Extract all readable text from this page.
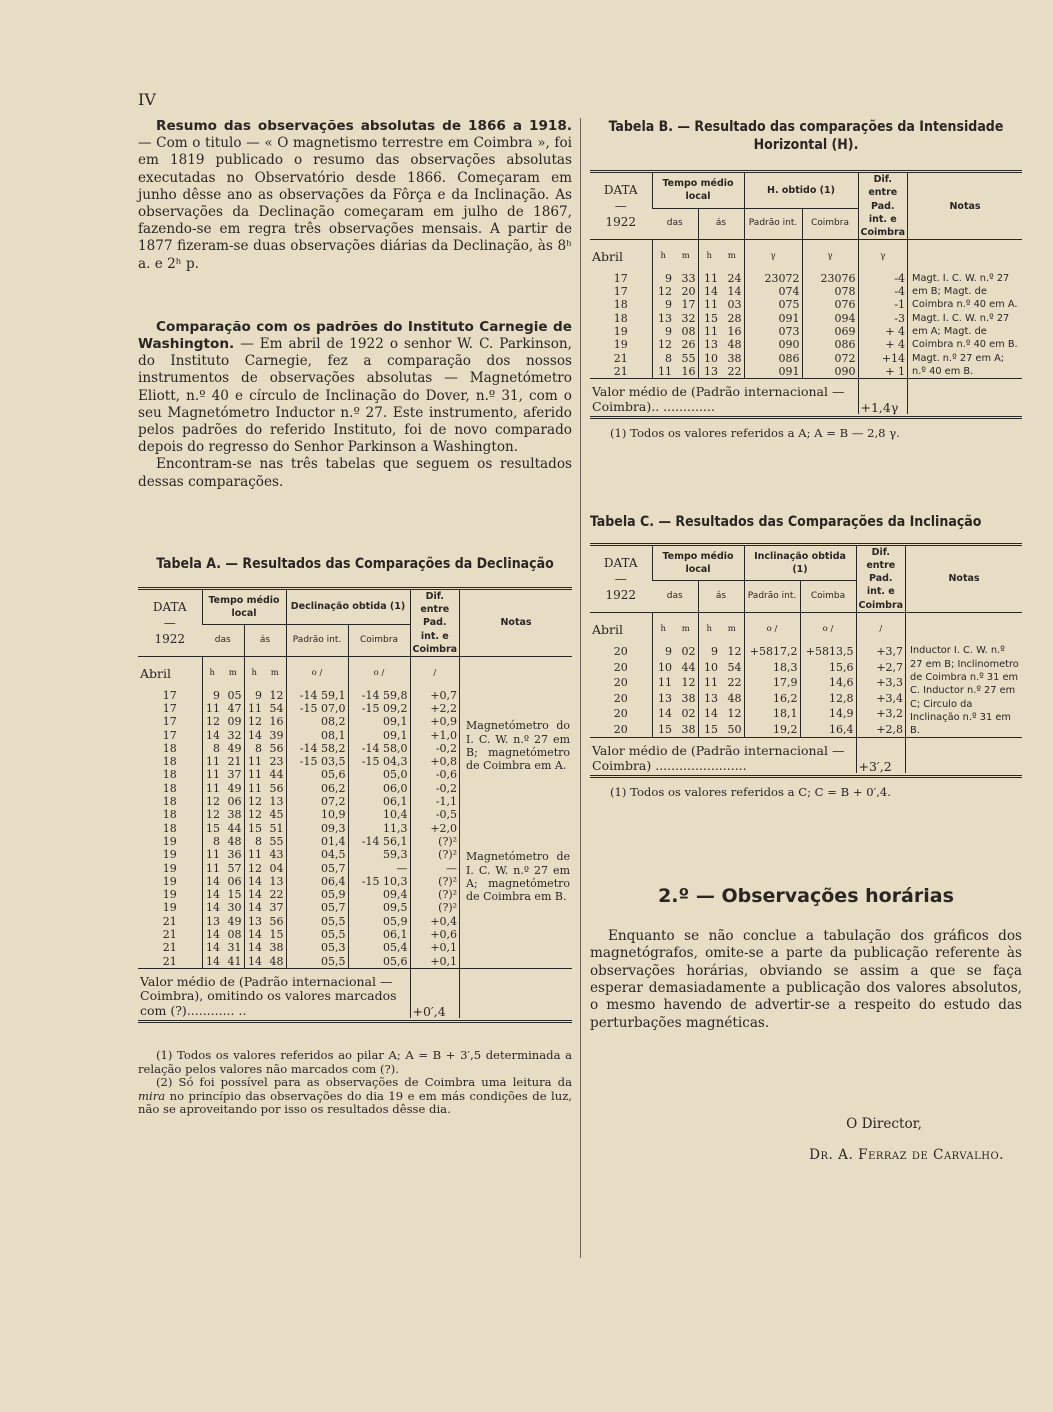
IV

Resumo das observações absolutas de 1866 a 1918. — Com o titulo — « O magnetismo terrestre em Coimbra », foi em 1819 publicado o resumo das observações absolutas executadas no Observatório desde 1866. Começaram em junho dêsse ano as observações da Fôrça e da Inclinação. As observações da Declinação começaram em julho de 1867, fazendo-se em regra três observações mensais. A partir de 1877 fizeram-se duas observações diárias da Declinação, às 8ʰ a. e 2ʰ p.

Comparação com os padrões do Instituto Carnegie de Washington. — Em abril de 1922 o senhor W. C. Parkinson, do Instituto Carnegie, fez a comparação dos nossos instrumentos de observações absolutas — Magnetómetro Eliott, n.º 40 e círculo de Inclinação do Dover, n.º 31, com o seu Magnetómetro Inductor n.º 27. Este instrumento, aferido pelos padrões do referido Instituto, foi de novo comparado depois do regresso do Senhor Parkinson a Washington.

Encontram-se nas três tabelas que seguem os resultados dessas comparações.

Tabela A. — Resultados das Comparações da Declinação
DATA
—
1922	Tempo médio local				Declinação obtida (1)		Dif. entre Pad. int. e Coimbra	Notas
	das		ás		Padrão int.	Coimbra		
Abril	h	m	h	m	o /	o /	/	

17	9	05	9	12	-14 59,1	-14 59,8	+0,7	
17	11	47	11	54	-15 07,0	-15 09,2	+2,2	
17	12	09	12	16	08,2	09,1	+0,9	Magnetómetro do I. C. W. n.º 27 em B; magnetómetro de Coimbra em A.
17	14	32	14	39	08,1	09,1	+1,0	
18	8	49	8	56	-14 58,2	-14 58,0	-0,2	
18	11	21	11	23	-15 03,5	-15 04,3	+0,8	
18	11	37	11	44	05,6	05,0	-0,6	
18	11	49	11	56	06,2	06,0	-0,2	
18	12	06	12	13	07,2	06,1	-1,1	
18	12	38	12	45	10,9	10,4	-0,5	
18	15	44	15	51	09,3	11,3	+2,0	
19	8	48	8	55	01,4	-14 56,1	(?)²	
19	11	36	11	43	04,5	59,3	(?)²	Magnetómetro de I. C. W. n.º 27 em A; magnetómetro de Coimbra em B.
19	11	57	12	04	05,7	—	—	
19	14	06	14	13	06,4	-15 10,3	(?)²	
19	14	15	14	22	05,9	09,4	(?)²	
19	14	30	14	37	05,7	09,5	(?)²	
21	13	49	13	56	05,5	05,9	+0,4	
21	14	08	14	15	05,5	06,1	+0,6	
21	14	31	14	38	05,3	05,4	+0,1	
21	14	41	14	48	05,5	05,6	+0,1	
Valor médio de (Padrão internacional — Coimbra), omitindo os valores marcados com (?)............ ..							+0′,4	

(1) Todos os valores referidos ao pilar A; A = B + 3′,5 determinada a relação pelos valores não marcados com (?).

(2) Só foi possível para as observações de Coimbra uma leitura da mira no princípio das observações do dia 19 e em más condições de luz, não se aproveitando por isso os resultados dêsse dia.

Tabela B. — Resultado das comparações da Intensidade Horizontal (H).
DATA
—
1922	Tempo médio local				H. obtido (1)		Dif. entre Pad. int. e Coimbra	Notas
	das		ás		Padrão int.	Coimbra		
Abril	h	m	h	m	γ	γ	γ	

17	9	33	11	24	23072	23076	-4	Magt. I. C. W. n.º 27 em B; Magt. de Coimbra n.º 40 em A.
17	12	20	14	14	074	078	-4	
18	9	17	11	03	075	076	-1	
18	13	32	15	28	091	094	-3	Magt. I. C. W. n.º 27 em A; Magt. de Coimbra n.º 40 em B.
19	9	08	11	16	073	069	+ 4	
19	12	26	13	48	090	086	+ 4	
21	8	55	10	38	086	072	+14	Magt. n.º 27 em A; n.º 40 em B.
21	11	16	13	22	091	090	+ 1	
Valor médio de (Padrão internacional — Coimbra).. .............							+1,4γ	

(1) Todos os valores referidos a A; A = B — 2,8 γ.

Tabela C. — Resultados das Comparações da Inclinação
DATA
—
1922	Tempo médio local				Inclinação obtida (1)		Dif. entre Pad. int. e Coimbra	Notas
	das		ás		Padrão int.	Coimba		
Abril	h	m	h	m	o /	o /	/	

20	9	02	9	12	+5817,2	+5813,5	+3,7	Inductor I. C. W. n.º 27 em B; Inclinometro de Coimbra n.º 31 em C. Inductor n.º 27 em C; Circulo da Inclinação n.º 31 em B.
20	10	44	10	54	18,3	15,6	+2,7	
20	11	12	11	22	17,9	14,6	+3,3	
20	13	38	13	48	16,2	12,8	+3,4	
20	14	02	14	12	18,1	14,9	+3,2	
20	15	38	15	50	19,2	16,4	+2,8	
Valor médio de (Padrão internacional — Coimbra) .......................							+3′,2	

(1) Todos os valores referidos a C; C = B + 0′,4.

2.º — Observações horárias

Enquanto se não conclue a tabulação dos gráficos dos magnetógrafos, omite-se a parte da publicação referente às observações horárias, obviando se assim a que se faça esperar demasiadamente a publicação dos valores absolutos, o mesmo havendo de advertir-se a respeito do estudo das perturbações magnéticas.

O Director,

Dr. A. Ferraz de Carvalho.
